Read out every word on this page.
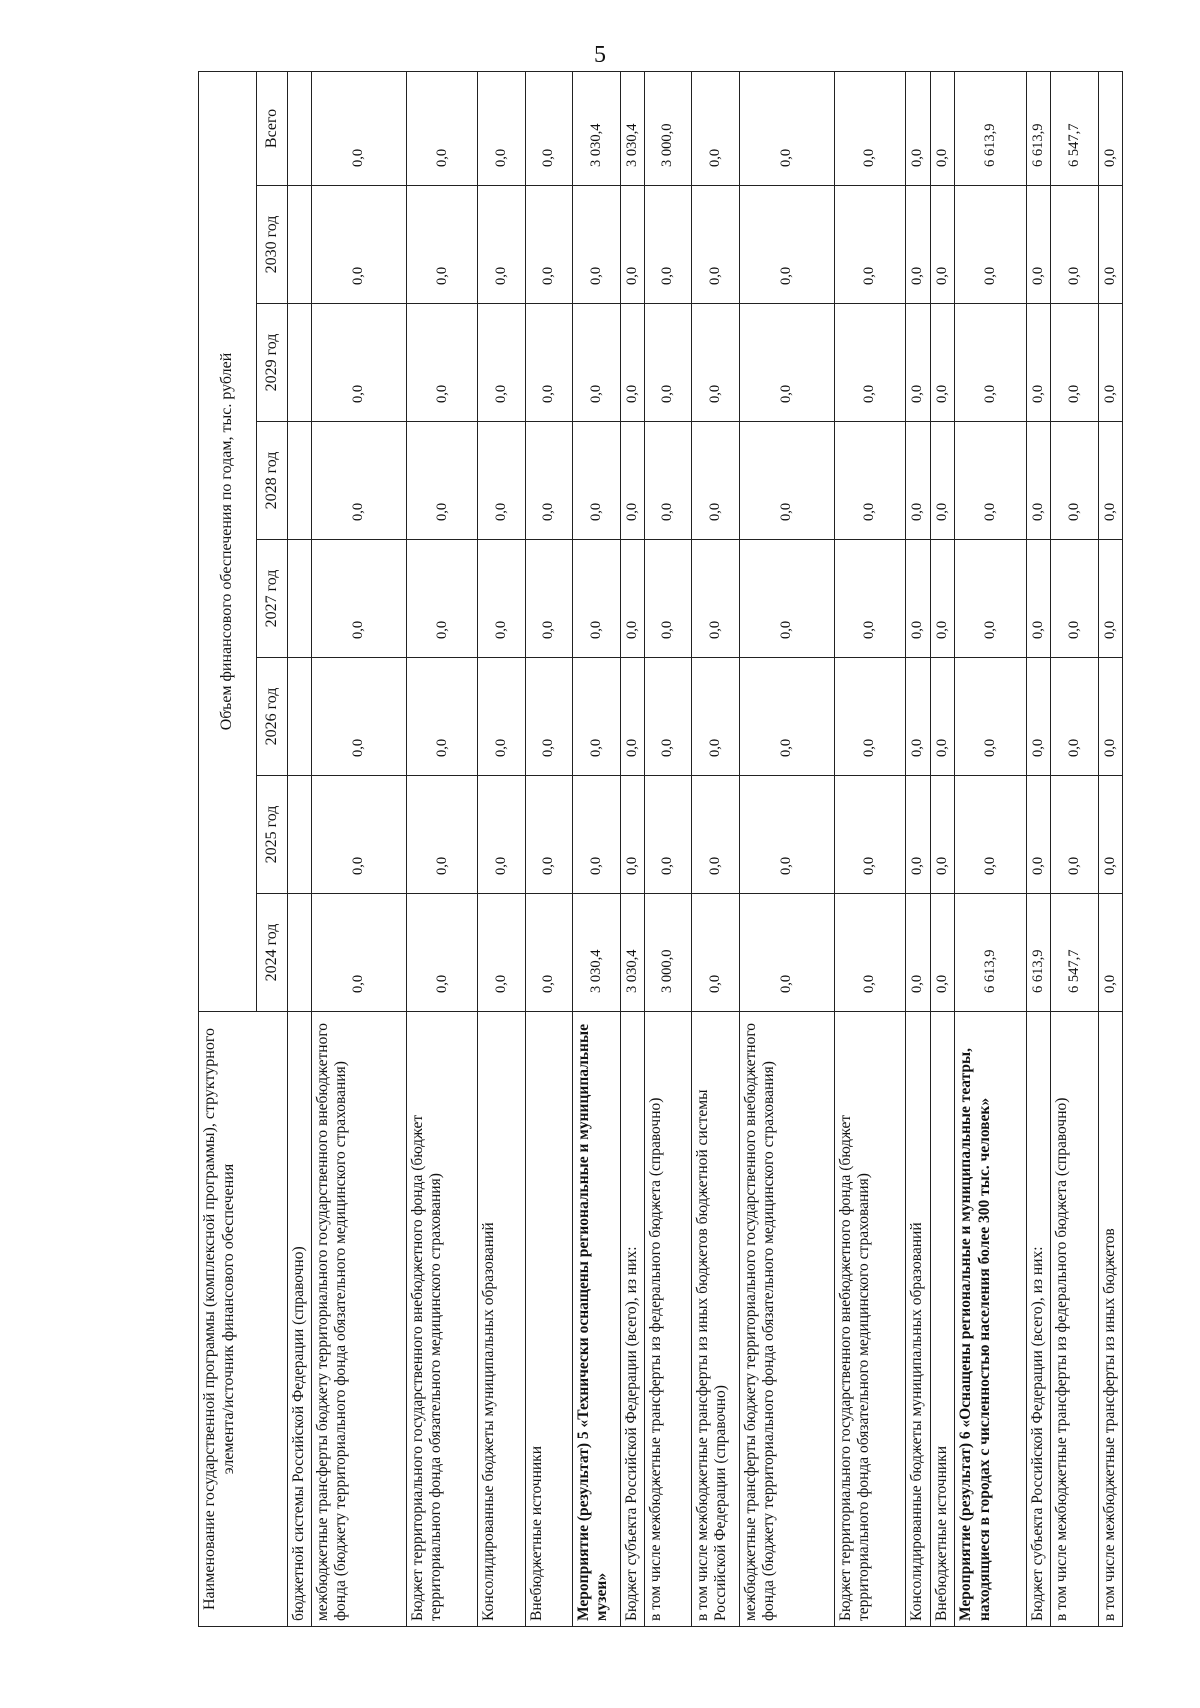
5
Наименование государственной программы (комплексной программы), структурного элемента/источник финансового обеспечения	Объем финансового обеспечения по годам, тыс. рублей							
	2024 год	2025 год	2026 год	2027 год	2028 год	2029 год	2030 год	Всего
бюджетной системы Российской Федерации (справочно)								
межбюджетные трансферты бюджету территориального государственного внебюджетного фонда (бюджету территориального фонда обязательного медицинского страхования)	0,0	0,0	0,0	0,0	0,0	0,0	0,0	0,0
Бюджет территориального государственного внебюджетного фонда (бюджет территориального фонда обязательного медицинского страхования)	0,0	0,0	0,0	0,0	0,0	0,0	0,0	0,0
Консолидированные бюджеты муниципальных образований	0,0	0,0	0,0	0,0	0,0	0,0	0,0	0,0
Внебюджетные источники	0,0	0,0	0,0	0,0	0,0	0,0	0,0	0,0
Мероприятие (результат) 5 «Технически оснащены региональные и муниципальные музеи»	3 030,4	0,0	0,0	0,0	0,0	0,0	0,0	3 030,4
Бюджет субъекта Российской Федерации (всего), из них:	3 030,4	0,0	0,0	0,0	0,0	0,0	0,0	3 030,4
в том числе межбюджетные трансферты из федерального бюджета (справочно)	3 000,0	0,0	0,0	0,0	0,0	0,0	0,0	3 000,0
в том числе межбюджетные трансферты из иных бюджетов бюджетной системы Российской Федерации (справочно)	0,0	0,0	0,0	0,0	0,0	0,0	0,0	0,0
межбюджетные трансферты бюджету территориального государственного внебюджетного фонда (бюджету территориального фонда обязательного медицинского страхования)	0,0	0,0	0,0	0,0	0,0	0,0	0,0	0,0
Бюджет территориального государственного внебюджетного фонда (бюджет территориального фонда обязательного медицинского страхования)	0,0	0,0	0,0	0,0	0,0	0,0	0,0	0,0
Консолидированные бюджеты муниципальных образований	0,0	0,0	0,0	0,0	0,0	0,0	0,0	0,0
Внебюджетные источники	0,0	0,0	0,0	0,0	0,0	0,0	0,0	0,0
Мероприятие (результат) 6 «Оснащены региональные и муниципальные театры, находящиеся в городах с численностью населения более 300 тыс. человек»	6 613,9	0,0	0,0	0,0	0,0	0,0	0,0	6 613,9
Бюджет субъекта Российской Федерации (всего), из них:	6 613,9	0,0	0,0	0,0	0,0	0,0	0,0	6 613,9
в том числе межбюджетные трансферты из федерального бюджета (справочно)	6 547,7	0,0	0,0	0,0	0,0	0,0	0,0	6 547,7
в том числе межбюджетные трансферты из иных бюджетов	0,0	0,0	0,0	0,0	0,0	0,0	0,0	0,0
